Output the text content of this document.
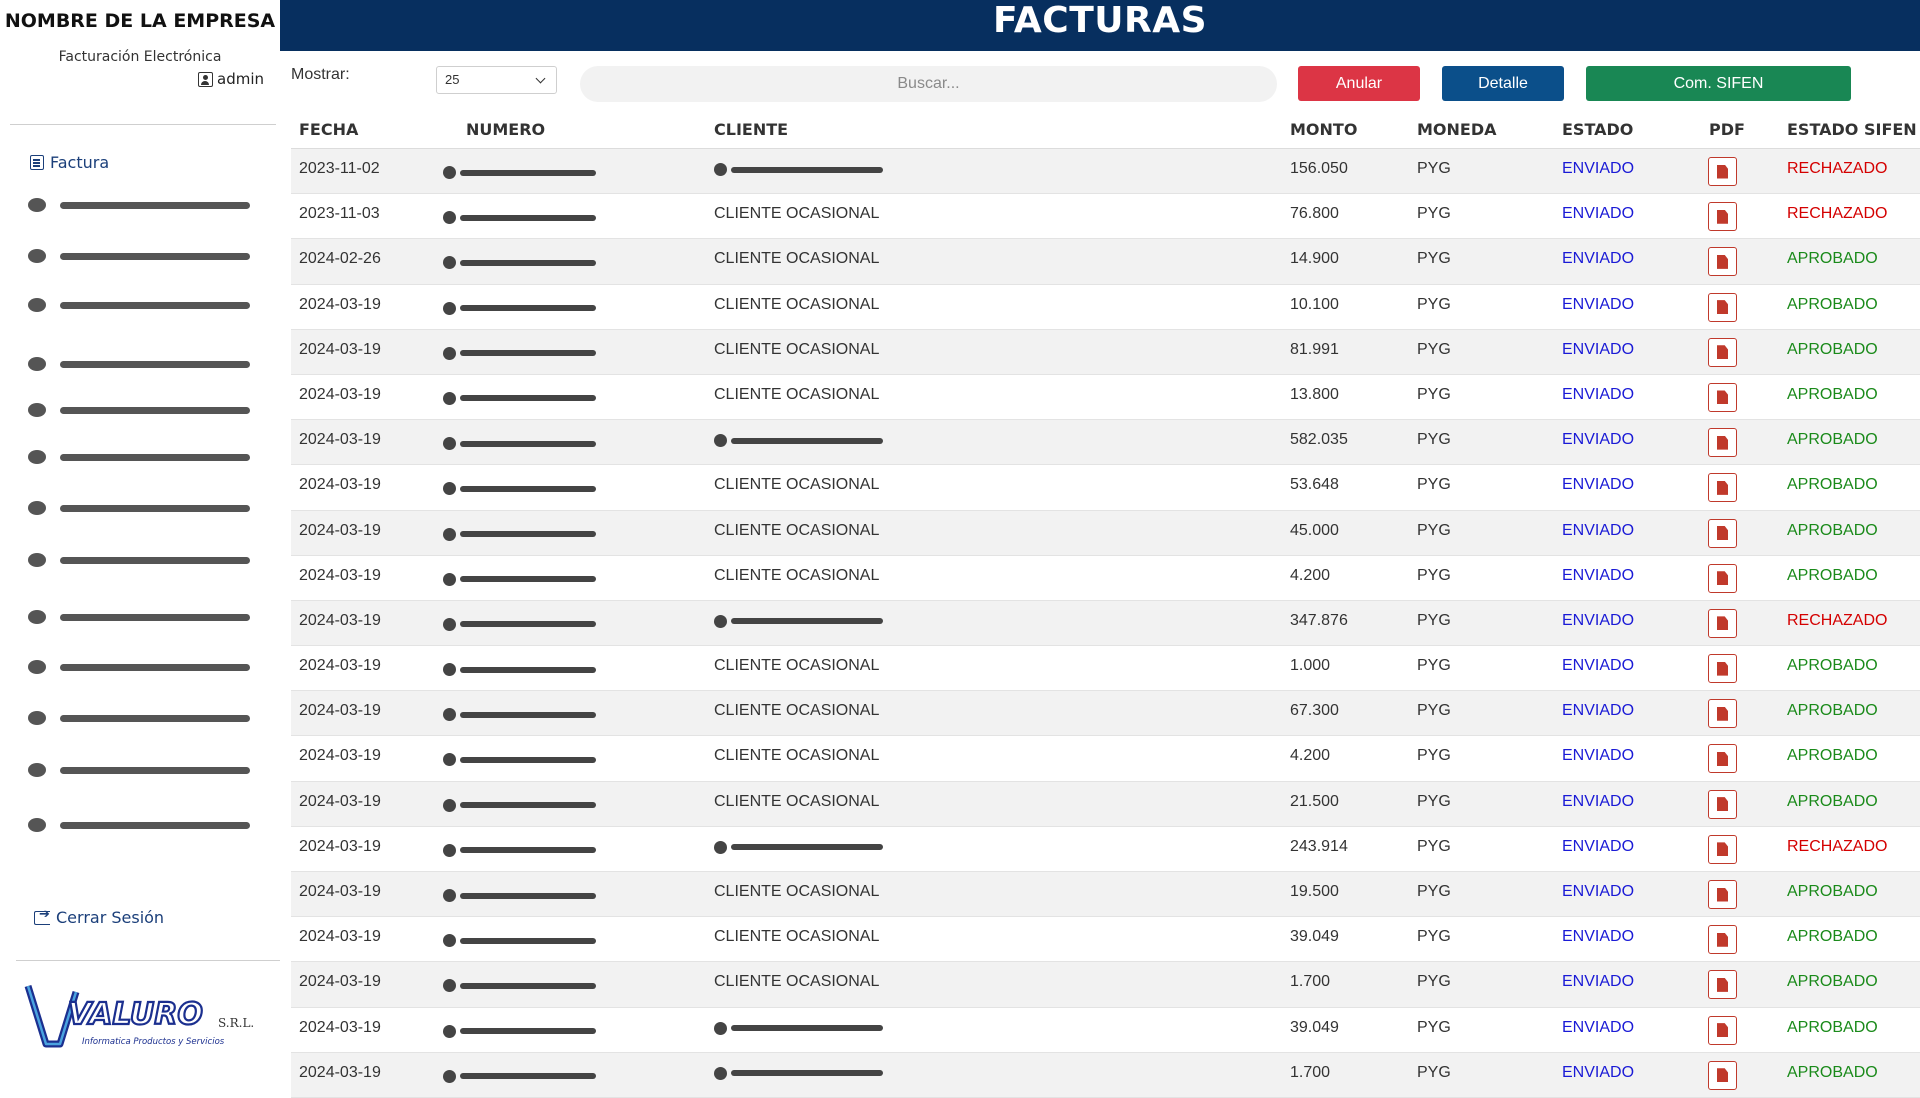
NOMBRE DE LA EMPRESA
Facturación Electrónica
admin
Factura
➔
Cerrar Sesión
VALURO
Informatica Productos y Servicios
S.R.L.
FACTURAS
Mostrar:	25
Buscar...	Anular	Detalle	Com. SIFEN
FECHA	NUMERO	CLIENTE	MONTO	MONEDA	ESTADO	PDF	ESTADO SIFEN
2023-11-02	156.050	PYG	ENVIADO	RECHAZADO
2023-11-03	CLIENTE OCASIONAL	76.800	PYG	ENVIADO	RECHAZADO
2024-02-26	CLIENTE OCASIONAL	14.900	PYG	ENVIADO	APROBADO
2024-03-19	CLIENTE OCASIONAL	10.100	PYG	ENVIADO	APROBADO
2024-03-19	CLIENTE OCASIONAL	81.991	PYG	ENVIADO	APROBADO
2024-03-19	CLIENTE OCASIONAL	13.800	PYG	ENVIADO	APROBADO
2024-03-19	582.035	PYG	ENVIADO	APROBADO
2024-03-19	CLIENTE OCASIONAL	53.648	PYG	ENVIADO	APROBADO
2024-03-19	CLIENTE OCASIONAL	45.000	PYG	ENVIADO	APROBADO
2024-03-19	CLIENTE OCASIONAL	4.200	PYG	ENVIADO	APROBADO
2024-03-19	347.876	PYG	ENVIADO	RECHAZADO
2024-03-19	CLIENTE OCASIONAL	1.000	PYG	ENVIADO	APROBADO
2024-03-19	CLIENTE OCASIONAL	67.300	PYG	ENVIADO	APROBADO
2024-03-19	CLIENTE OCASIONAL	4.200	PYG	ENVIADO	APROBADO
2024-03-19	CLIENTE OCASIONAL	21.500	PYG	ENVIADO	APROBADO
2024-03-19	243.914	PYG	ENVIADO	RECHAZADO
2024-03-19	CLIENTE OCASIONAL	19.500	PYG	ENVIADO	APROBADO
2024-03-19	CLIENTE OCASIONAL	39.049	PYG	ENVIADO	APROBADO
2024-03-19	CLIENTE OCASIONAL	1.700	PYG	ENVIADO	APROBADO
2024-03-19	39.049	PYG	ENVIADO	APROBADO
2024-03-19	1.700	PYG	ENVIADO	APROBADO
